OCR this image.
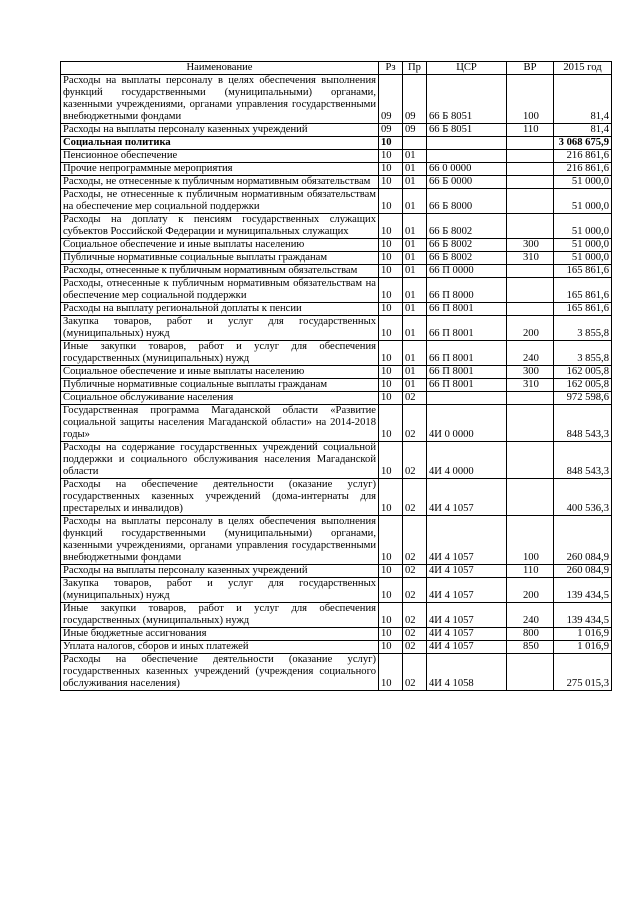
Наименование	Рз	Пр	ЦСР	ВР	2015 год
Расходы на выплаты персоналу в целях обеспечения выполнения функций государственными (муниципальными) органами, казенными учреждениями, органами управления государственными внебюджетными фондами	09	09	66 Б 8051	100	81,4
Расходы на выплаты персоналу казенных учреждений	09	09	66 Б 8051	110	81,4
Социальная политика	10				3 068 675,9
Пенсионное обеспечение	10	01			216 861,6
Прочие непрограммные мероприятия	10	01	66 0 0000		216 861,6
Расходы, не отнесенные к публичным нормативным обязательствам	10	01	66 Б 0000		51 000,0
Расходы, не отнесенные к публичным нормативным обязательствам на обеспечение мер социальной поддержки	10	01	66 Б 8000		51 000,0
Расходы на доплату к пенсиям государственных служащих субъектов Российской Федерации и муниципальных служащих	10	01	66 Б 8002		51 000,0
Социальное обеспечение и иные выплаты населению	10	01	66 Б 8002	300	51 000,0
Публичные нормативные социальные выплаты гражданам	10	01	66 Б 8002	310	51 000,0
Расходы, отнесенные к публичным нормативным обязательствам	10	01	66 П 0000		165 861,6
Расходы, отнесенные к публичным нормативным обязательствам на обеспечение мер социальной поддержки	10	01	66 П 8000		165 861,6
Расходы на выплату региональной доплаты к пенсии	10	01	66 П 8001		165 861,6
Закупка товаров, работ и услуг для государственных (муниципальных) нужд	10	01	66 П 8001	200	3 855,8
Иные закупки товаров, работ и услуг для обеспечения государственных (муниципальных) нужд	10	01	66 П 8001	240	3 855,8
Социальное обеспечение и иные выплаты населению	10	01	66 П 8001	300	162 005,8
Публичные нормативные социальные выплаты гражданам	10	01	66 П 8001	310	162 005,8
Социальное обслуживание населения	10	02			972 598,6
Государственная программа Магаданской области «Развитие социальной защиты населения Магаданской области» на 2014-2018 годы»	10	02	4И 0 0000		848 543,3
Расходы на содержание государственных учреждений социальной поддержки и социального обслуживания населения Магаданской области	10	02	4И 4 0000		848 543,3
Расходы на обеспечение деятельности (оказание услуг) государственных казенных учреждений (дома-интернаты для престарелых и инвалидов)	10	02	4И 4 1057		400 536,3
Расходы на выплаты персоналу в целях обеспечения выполнения функций государственными (муниципальными) органами, казенными учреждениями, органами управления государственными внебюджетными фондами	10	02	4И 4 1057	100	260 084,9
Расходы на выплаты персоналу казенных учреждений	10	02	4И 4 1057	110	260 084,9
Закупка товаров, работ и услуг для государственных (муниципальных) нужд	10	02	4И 4 1057	200	139 434,5
Иные закупки товаров, работ и услуг для обеспечения государственных (муниципальных) нужд	10	02	4И 4 1057	240	139 434,5
Иные бюджетные ассигнования	10	02	4И 4 1057	800	1 016,9
Уплата налогов, сборов и иных платежей	10	02	4И 4 1057	850	1 016,9
Расходы на обеспечение деятельности (оказание услуг) государственных казенных учреждений (учреждения социального обслуживания населения)	10	02	4И 4 1058		275 015,3
